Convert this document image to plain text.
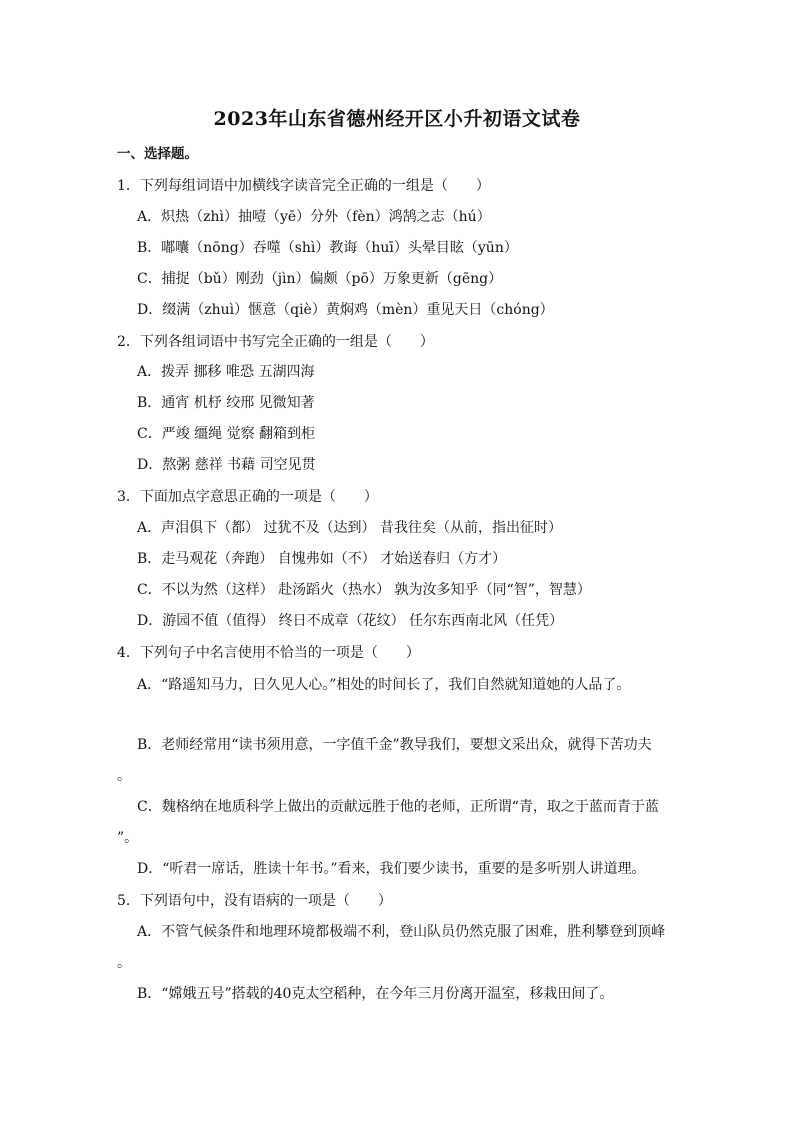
2023年山东省德州经开区小升初语文试卷
一、选择题。
1．下列每组词语中加横线字读音完全正确的一组是（　　）
A．炽热（zhì）抽噎（yē）分外（fèn）鸿鹄之志（hú）
B．嘟囔（nōng）吞噬（shì）教诲（huī）头晕目眩（yūn）
C．捕捉（bǔ）刚劲（jìn）偏颇（pō）万象更新（gēng）
D．缀满（zhuì）惬意（qiè）黄焖鸡（mèn）重见天日（chóng）
2．下列各组词语中书写完全正确的一组是（　　）
A．拨弄 挪移 唯恐 五湖四海
B．通宵 机杼 绞邢 见微知著
C．严竣 缰绳 觉察 翻箱到柜
D．熬粥 慈祥 书藉 司空见贯
3．下面加点字意思正确的一项是（　　）
A．声泪俱下（都） 过犹不及（达到） 昔我往矣（从前，指出征时）
B．走马观花（奔跑） 自愧弗如（不） 才始送春归（方才）
C．不以为然（这样） 赴汤蹈火（热水） 孰为汝多知乎（同“智”，智慧）
D．游园不值（值得） 终日不成章（花纹） 任尔东西南北风（任凭）
4．下列句子中名言使用不恰当的一项是（　　）
A．“路遥知马力，日久见人心。”相处的时间长了，我们自然就知道她的人品了。
B．老师经常用“读书须用意，一字值千金”教导我们，要想文采出众，就得下苦功夫
。
C．魏格纳在地质科学上做出的贡献远胜于他的老师，正所谓“青，取之于蓝而青于蓝
”。
D．“听君一席话，胜读十年书。”看来，我们要少读书，重要的是多听别人讲道理。
5．下列语句中，没有语病的一项是（　　）
A．不管气候条件和地理环境都极端不利，登山队员仍然克服了困难，胜利攀登到顶峰
。
B．“嫦娥五号”搭载的40克太空稻种，在今年三月份离开温室，移栽田间了。
